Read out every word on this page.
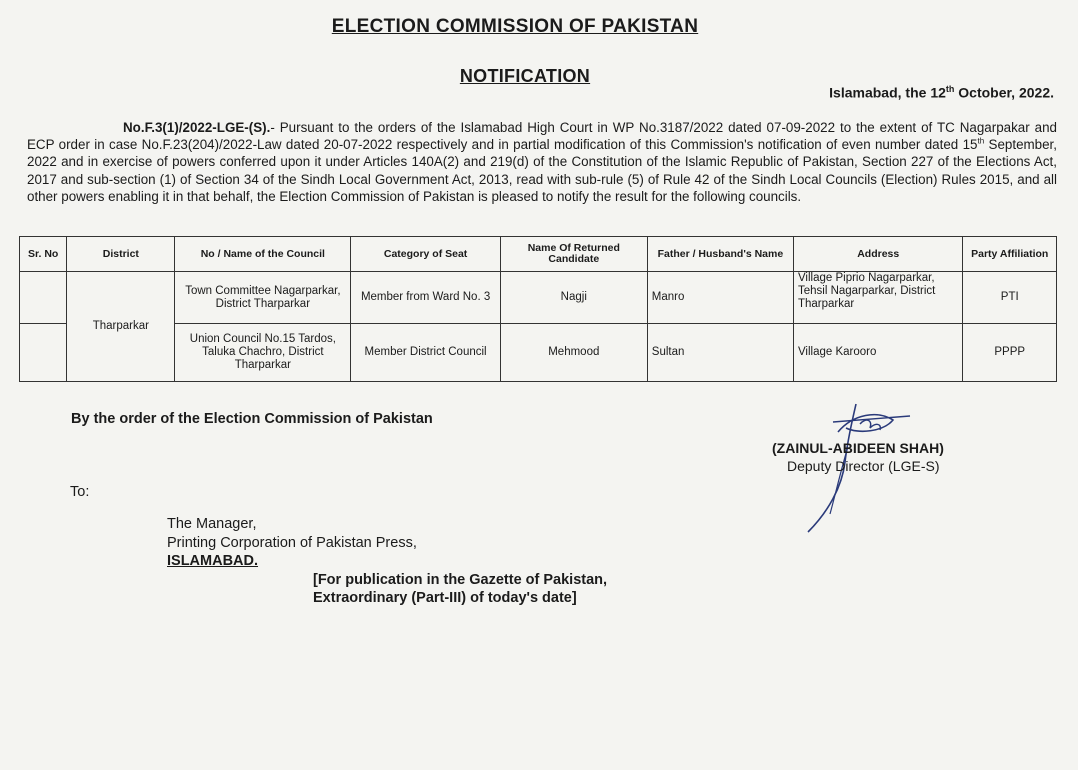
ELECTION COMMISSION OF PAKISTAN
NOTIFICATION
Islamabad, the 12th October, 2022.
No.F.3(1)/2022-LGE-(S).- Pursuant to the orders of the Islamabad High Court in WP No.3187/2022 dated 07-09-2022 to the extent of TC Nagarpakar and ECP order in case No.F.23(204)/2022-Law dated 20-07-2022 respectively and in partial modification of this Commission's notification of even number dated 15th September, 2022 and in exercise of powers conferred upon it under Articles 140A(2) and 219(d) of the Constitution of the Islamic Republic of Pakistan, Section 227 of the Elections Act, 2017 and sub-section (1) of Section 34 of the Sindh Local Government Act, 2013, read with sub-rule (5) of Rule 42 of the Sindh Local Councils (Election) Rules 2015, and all other powers enabling it in that behalf, the Election Commission of Pakistan is pleased to notify the result for the following councils.
Sr. No	District	No / Name of the Council	Category of Seat	Name Of Returned Candidate	Father / Husband's Name	Address	Party Affiliation
	Tharparkar	Town Committee Nagarparkar, District Tharparkar	Member from Ward No. 3	Nagji	Manro	Village Piprio Nagarparkar, Tehsil Nagarparkar, District Tharparkar	PTI
		Union Council No.15 Tardos, Taluka Chachro, District Tharparkar	Member District Council	Mehmood	Sultan	Village Karooro	PPPP
By the order of the Election Commission of Pakistan
(ZAINUL-ABIDEEN SHAH)
Deputy Director (LGE-S)
To:
The Manager,
Printing Corporation of Pakistan Press,
ISLAMABAD.
[For publication in the Gazette of Pakistan,
Extraordinary (Part-III) of today's date]
